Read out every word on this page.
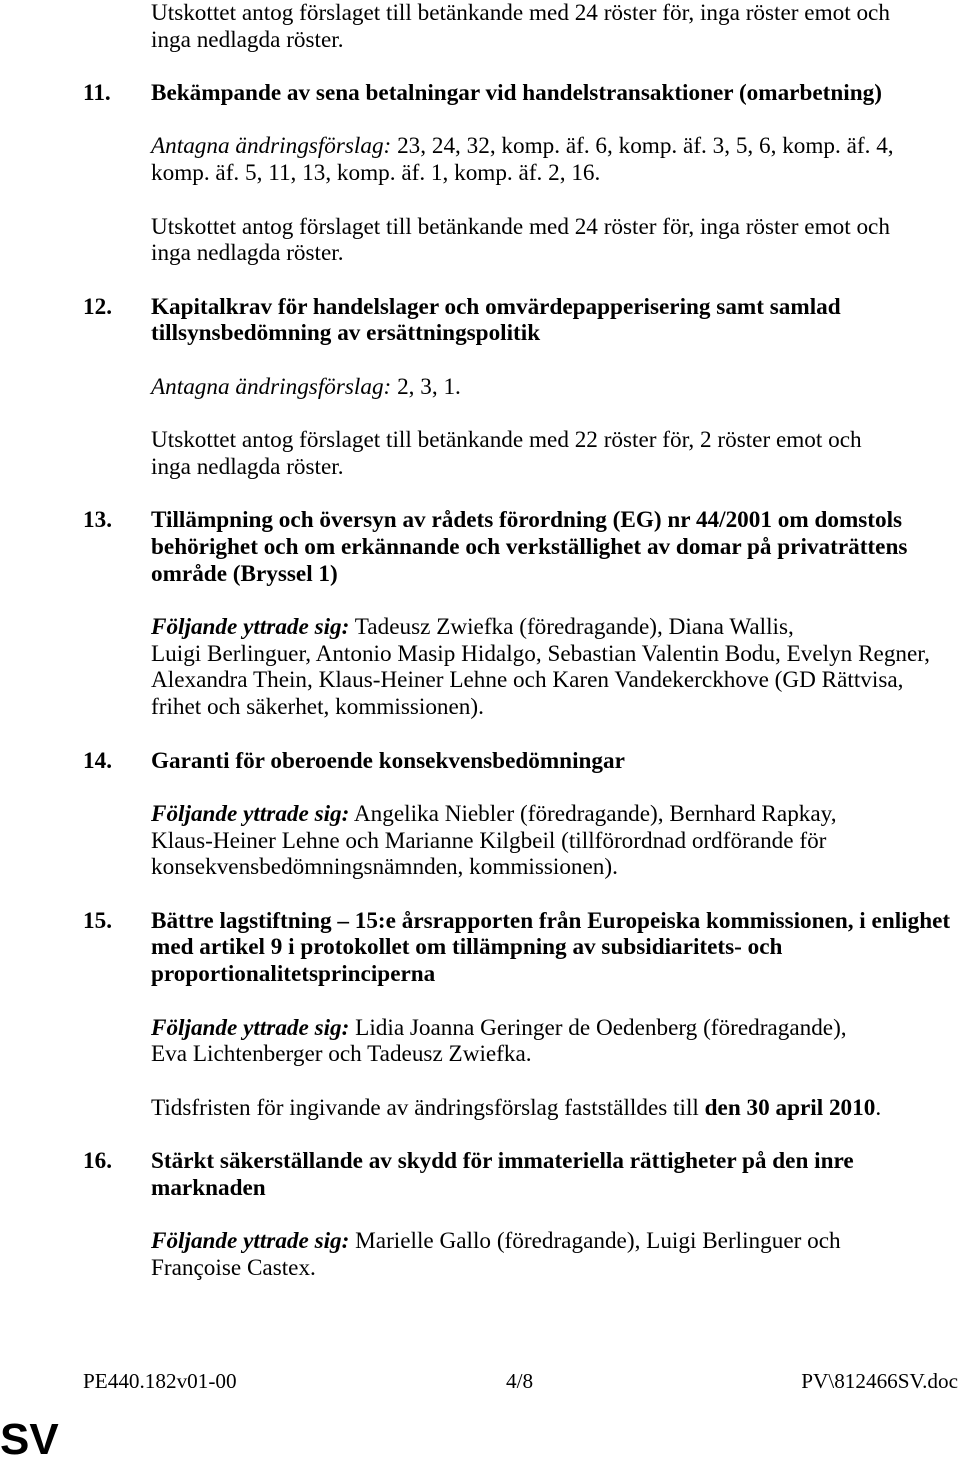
Utskottet antog förslaget till betänkande med 24 röster för, inga röster emot och
inga nedlagda röster.
11.	Bekämpande av sena betalningar vid handelstransaktioner (omarbetning)
Antagna ändringsförslag: 23, 24, 32, komp. äf. 6, komp. äf. 3, 5, 6, komp. äf. 4,
komp. äf. 5, 11, 13, komp. äf. 1, komp. äf. 2, 16.
Utskottet antog förslaget till betänkande med 24 röster för, inga röster emot och
inga nedlagda röster.
12.	Kapitalkrav för handelslager och omvärdepapperisering samt samlad
tillsynsbedömning av ersättningspolitik
Antagna ändringsförslag: 2, 3, 1.
Utskottet antog förslaget till betänkande med 22 röster för, 2 röster emot och
inga nedlagda röster.
13.	Tillämpning och översyn av rådets förordning (EG) nr 44/2001 om domstols
behörighet och om erkännande och verkställighet av domar på privaträttens
område (Bryssel 1)
Följande yttrade sig: Tadeusz Zwiefka (föredragande), Diana Wallis,
Luigi Berlinguer, Antonio Masip Hidalgo, Sebastian Valentin Bodu, Evelyn Regner,
Alexandra Thein, Klaus-Heiner Lehne och Karen Vandekerckhove (GD Rättvisa,
frihet och säkerhet, kommissionen).
14.	Garanti för oberoende konsekvensbedömningar
Följande yttrade sig: Angelika Niebler (föredragande), Bernhard Rapkay,
Klaus-Heiner Lehne och Marianne Kilgbeil (tillförordnad ordförande för
konsekvensbedömningsnämnden, kommissionen).
15.	Bättre lagstiftning – 15:e årsrapporten från Europeiska kommissionen, i enlighet
med artikel 9 i protokollet om tillämpning av subsidiaritets- och
proportionalitetsprinciperna
Följande yttrade sig: Lidia Joanna Geringer de Oedenberg (föredragande),
Eva Lichtenberger och Tadeusz Zwiefka.
Tidsfristen för ingivande av ändringsförslag fastställdes till den 30 april 2010.
16.	Stärkt säkerställande av skydd för immateriella rättigheter på den inre
marknaden
Följande yttrade sig: Marielle Gallo (föredragande), Luigi Berlinguer och
Françoise Castex.
PE440.182v01-00	4/8	PV\812466SV.doc
SV
